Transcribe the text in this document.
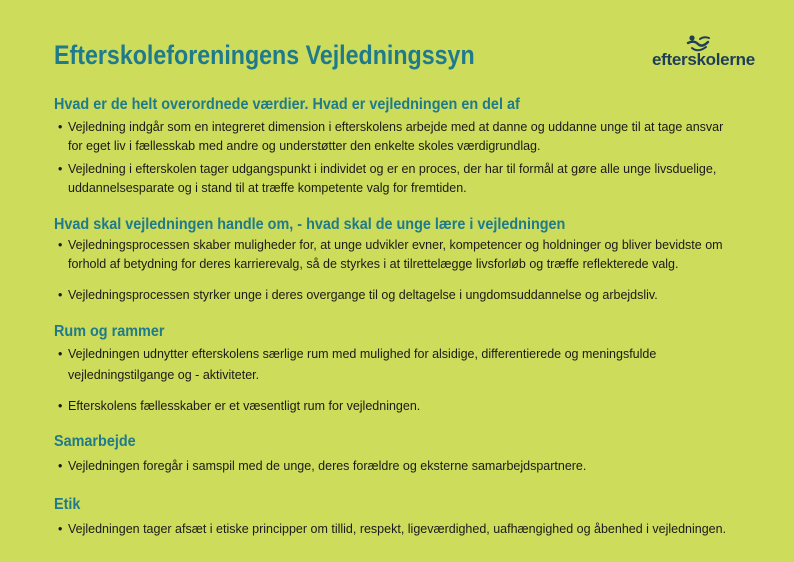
Efterskoleforeningens Vejledningssyn	efterskolerne
Hvad er de helt overordnede værdier. Hvad er vejledningen en del af

• Vejledning indgår som en integreret dimension i efterskolens arbejde med at danne og uddanne unge til at tage ansvar
for eget liv i fællesskab med andre og understøtter den enkelte skoles værdigrundlag.

• Vejledning i efterskolen tager udgangspunkt i individet og er en proces, der har til formål at gøre alle unge livsduelige,
uddannelsesparate og i stand til at træffe kompetente valg for fremtiden.

Hvad skal vejledningen handle om, - hvad skal de unge lære i vejledningen

• Vejledningsprocessen skaber muligheder for, at unge udvikler evner, kompetencer og holdninger og bliver bevidste om
forhold af betydning for deres karrierevalg, så de styrkes i at tilrettelægge livsforløb og træffe reflekterede valg.

• Vejledningsprocessen styrker unge i deres overgange til og deltagelse i ungdomsuddannelse og arbejdsliv.

Rum og rammer

• Vejledningen udnytter efterskolens særlige rum med mulighed for alsidige, differentierede og meningsfulde
vejledningstilgange og - aktiviteter.

• Efterskolens fællesskaber er et væsentligt rum for vejledningen.

Samarbejde

• Vejledningen foregår i samspil med de unge, deres forældre og eksterne samarbejdspartnere.

Etik

• Vejledningen tager afsæt i etiske principper om tillid, respekt, ligeværdighed, uafhængighed og åbenhed i vejledningen.
